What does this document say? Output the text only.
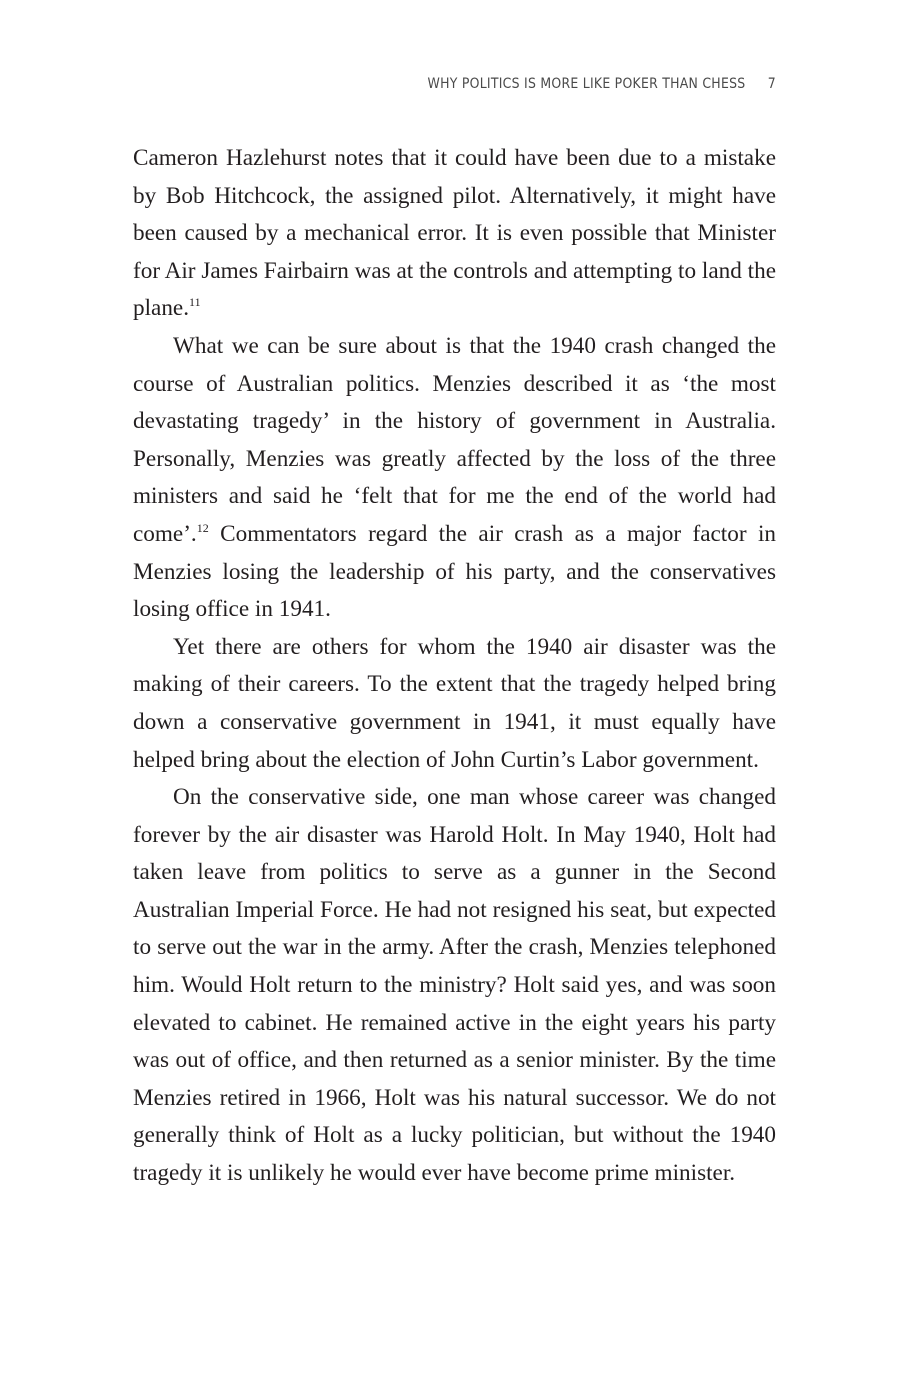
WHY POLITICS IS MORE LIKE POKER THAN CHESS 7

Cameron Hazlehurst notes that it could have been due to a mistake by Bob Hitchcock, the assigned pilot. Alternatively, it might have been caused by a mechanical error. It is even possible that Minister for Air James Fairbairn was at the controls and attempting to land the plane.$^{11}$

What we can be sure about is that the 1940 crash changed the course of Australian politics. Menzies described it as ‘the most devastating tragedy’ in the history of government in Australia. Personally, Menzies was greatly affected by the loss of the three ministers and said he ‘felt that for me the end of the world had come’.$^{12}$ Commentators regard the air crash as a major factor in Menzies losing the leadership of his party, and the conservatives losing office in 1941.

Yet there are others for whom the 1940 air disaster was the making of their careers. To the extent that the tragedy helped bring down a conservative government in 1941, it must equally have helped bring about the election of John Curtin’s Labor government.

On the conservative side, one man whose career was changed forever by the air disaster was Harold Holt. In May 1940, Holt had taken leave from politics to serve as a gunner in the Second Australian Imperial Force. He had not resigned his seat, but expected to serve out the war in the army. After the crash, Menzies telephoned him. Would Holt return to the ministry? Holt said yes, and was soon elevated to cabinet. He remained active in the eight years his party was out of office, and then returned as a senior minister. By the time Menzies retired in 1966, Holt was his natural successor. We do not generally think of Holt as a lucky politician, but without the 1940 tragedy it is unlikely he would ever have become prime minister.
